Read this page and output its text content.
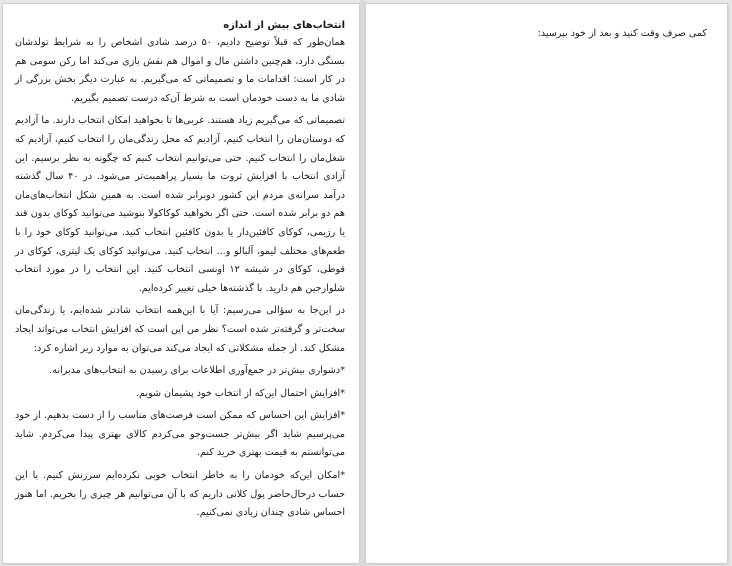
انتخاب‌های بیش از اندازه

همان‌طور که قبلاً توضیح دادیم، ۵۰ درصد شادی اشخاص را به شرایط تولدشان بستگی دارد، هم‌چنین داشتن مال و اموال هم نقش بازی می‌کند اما رکن سومی هم در کار است: اقدامات ما و تصمیماتی که می‌گیریم. به عبارت دیگر بخش بزرگی از شادی ما به دست خودمان است به شرط آن‌که درست تصمیم بگیریم.

تصمیماتی که می‌گیریم زیاد هستند. غربی‌ها تا بخواهید امکان انتخاب دارند. ما آزادیم که دوستان‌مان را انتخاب کنیم، آزادیم که محل زندگی‌مان را انتخاب کنیم، آزادیم که شغل‌مان را انتخاب کنیم. حتی می‌توانیم انتخاب کنیم که چگونه به نظر برسیم. این آزادی انتخاب با افزایش ثروت ما بسیار پراهمیت‌تر می‌شود. در ۴۰ سال گذشته درآمد سرانه‌ی مردم این کشور دوبرابر شده است. به همین شکل انتخاب‌های‌مان هم دو برابر شده است. حتی اگر بخواهید کوکاکولا بنوشید می‌توانید کوکای بدون قند یا رژیمی، کوکای کافئین‌دار یا بدون کافئین انتخاب کنید. می‌توانید کوکای خود را با طعم‌های مختلف لیمو، آلبالو و... انتخاب کنید. می‌توانید کوکای یک لیتری، کوکای در قوطی، کوکای در شیشه ۱۲ اونسی انتخاب کنید. این انتخاب را در مورد انتخاب شلوارجین هم دارید. با گذشته‌ها خیلی تغییر کرده‌ایم.

در این‌جا به سؤالی می‌رسیم: آیا با این‌همه انتخاب شادتر شده‌ایم، یا زندگی‌مان سخت‌تر و گرفته‌تر شده است؟ نظر من این است که افزایش انتخاب می‌تواند ایجاد مشکل کند. از جمله مشکلاتی که ایجاد می‌کند می‌توان به موارد زیر اشاره کرد:

*دشواری بیش‌تر در جمع‌آوری اطلاعات برای رسیدن به انتخاب‌های مدبرانه.

*افزایش احتمال این‌که از انتخاب خود پشیمان شویم.

*افزایش این احساس که ممکن است فرصت‌های مناسب را از دست بدهیم. از خود می‌پرسیم شاید اگر بیش‌تر جست‌وجو می‌کردم کالای بهتری پیدا می‌کردم. شاید می‌توانستم به قیمت بهتری خرید کنم.

*امکان این‌که خودمان را به خاطر انتخاب خوبی نکرده‌ایم سرزنش کنیم. با این حساب درحال‌حاضر پول کلانی داریم که با آن می‌توانیم هر چیزی را بخریم. اما هنوز احساس شادی چندان زیادی نمی‌کنیم.

کمی صرف وقت کنید و بعد از خود بپرسید:
